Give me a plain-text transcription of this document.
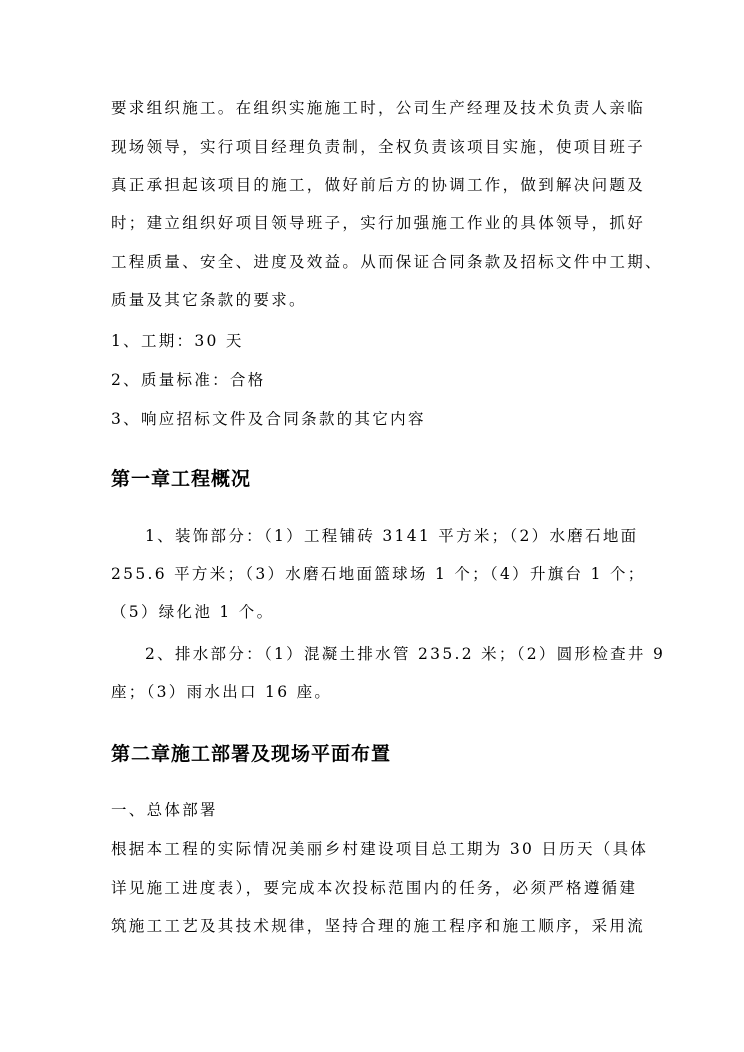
要求组织施工。在组织实施施工时，公司生产经理及技术负责人亲临
现场领导，实行项目经理负责制，全权负责该项目实施，使项目班子
真正承担起该项目的施工，做好前后方的协调工作，做到解决问题及
时；建立组织好项目领导班子，实行加强施工作业的具体领导，抓好
工程质量、安全、进度及效益。从而保证合同条款及招标文件中工期、
质量及其它条款的要求。
1、工期：30 天
2、质量标准：合格
3、响应招标文件及合同条款的其它内容
第一章工程概况
1、装饰部分：（1）工程铺砖 3141 平方米；（2）水磨石地面
255.6 平方米；（3）水磨石地面篮球场 1 个；（4）升旗台 1 个；
（5）绿化池 1 个。
2、排水部分：（1）混凝土排水管 235.2 米；（2）圆形检查井 9
座；（3）雨水出口 16 座。
第二章施工部署及现场平面布置
一、总体部署
根据本工程的实际情况美丽乡村建设项目总工期为 30 日历天（具体
详见施工进度表），要完成本次投标范围内的任务，必须严格遵循建
筑施工工艺及其技术规律，坚持合理的施工程序和施工顺序，采用流
